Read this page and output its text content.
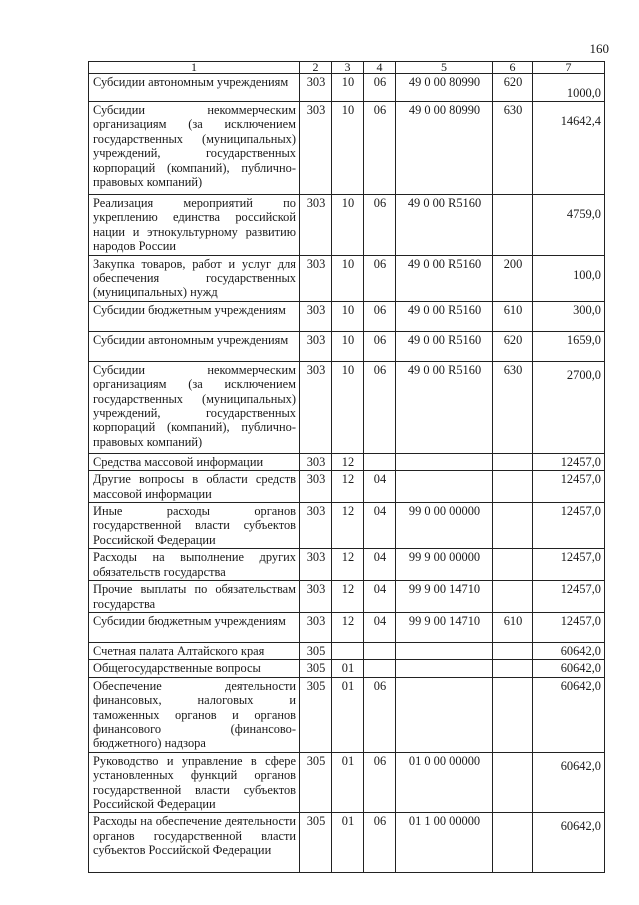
160
1	2	3	4	5	6	7
Субсидии автономным учреждениям	303	10	06	49 0 00 80990	620	1000,0
Субсидии некоммерческим организациям (за исключением государственных (муниципальных) учреждений, государственных корпораций (компаний), публично-правовых компаний)	303	10	06	49 0 00 80990	630	14642,4
Реализация мероприятий по укреплению единства российской нации и этнокультурному развитию народов России	303	10	06	49 0 00 R5160		4759,0
Закупка товаров, работ и услуг для обеспечения государственных (муниципальных) нужд	303	10	06	49 0 00 R5160	200	100,0
Субсидии бюджетным учреждениям	303	10	06	49 0 00 R5160	610	300,0
Субсидии автономным учреждениям	303	10	06	49 0 00 R5160	620	1659,0
Субсидии некоммерческим организациям (за исключением государственных (муниципальных) учреждений, государственных корпораций (компаний), публично-правовых компаний)	303	10	06	49 0 00 R5160	630	2700,0
Средства массовой информации	303	12				12457,0
Другие вопросы в области средств массовой информации	303	12	04			12457,0
Иные расходы органов государственной власти субъектов Российской Федерации	303	12	04	99 0 00 00000		12457,0
Расходы на выполнение других обязательств государства	303	12	04	99 9 00 00000		12457,0
Прочие выплаты по обязательствам государства	303	12	04	99 9 00 14710		12457,0
Субсидии бюджетным учреждениям	303	12	04	99 9 00 14710	610	12457,0
Счетная палата Алтайского края	305					60642,0
Общегосударственные вопросы	305	01				60642,0
Обеспечение деятельности финансовых, налоговых и таможенных органов и органов финансового (финансово-бюджетного) надзора	305	01	06			60642,0
Руководство и управление в сфере установленных функций органов государственной власти субъектов Российской Федерации	305	01	06	01 0 00 00000		60642,0
Расходы на обеспечение деятельности органов государственной власти субъектов Российской Федерации	305	01	06	01 1 00 00000		60642,0
